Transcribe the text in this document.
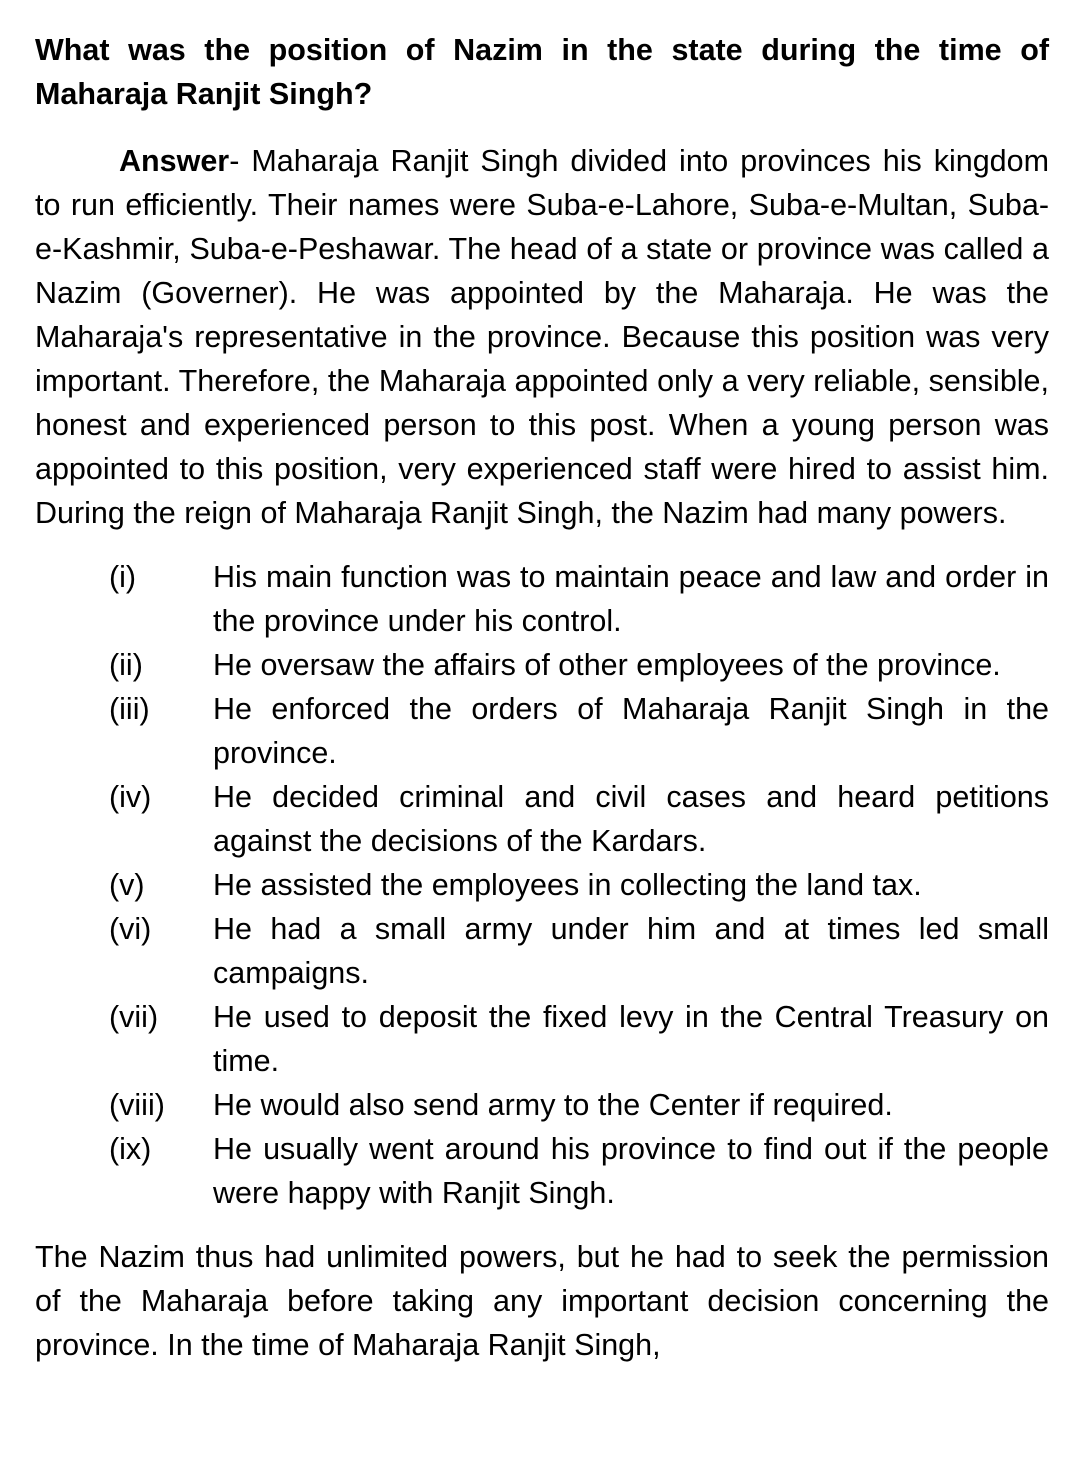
What was the position of Nazim in the state during the time of Maharaja Ranjit Singh?

Answer- Maharaja Ranjit Singh divided into provinces his kingdom to run efficiently. Their names were Suba-e-Lahore, Suba-e-Multan, Suba-e-Kashmir, Suba-e-Peshawar. The head of a state or province was called a Nazim (Governer). He was appointed by the Maharaja. He was the Maharaja's representative in the province. Because this position was very important. Therefore, the Maharaja appointed only a very reliable, sensible, honest and experienced person to this post. When a young person was appointed to this position, very experienced staff were hired to assist him. During the reign of Maharaja Ranjit Singh, the Nazim had many powers.

(i)	His main function was to maintain peace and law and order in the province under his control.
(ii)	He oversaw the affairs of other employees of the province.
(iii)	He enforced the orders of Maharaja Ranjit Singh in the province.
(iv)	He decided criminal and civil cases and heard petitions against the decisions of the Kardars.
(v)	He assisted the employees in collecting the land tax.
(vi)	He had a small army under him and at times led small campaigns.
(vii)	He used to deposit the fixed levy in the Central Treasury on time.
(viii)	He would also send army to the Center if required.
(ix)	He usually went around his province to find out if the people were happy with Ranjit Singh.

The Nazim thus had unlimited powers, but he had to seek the permission of the Maharaja before taking any important decision concerning the province. In the time of Maharaja Ranjit Singh,
